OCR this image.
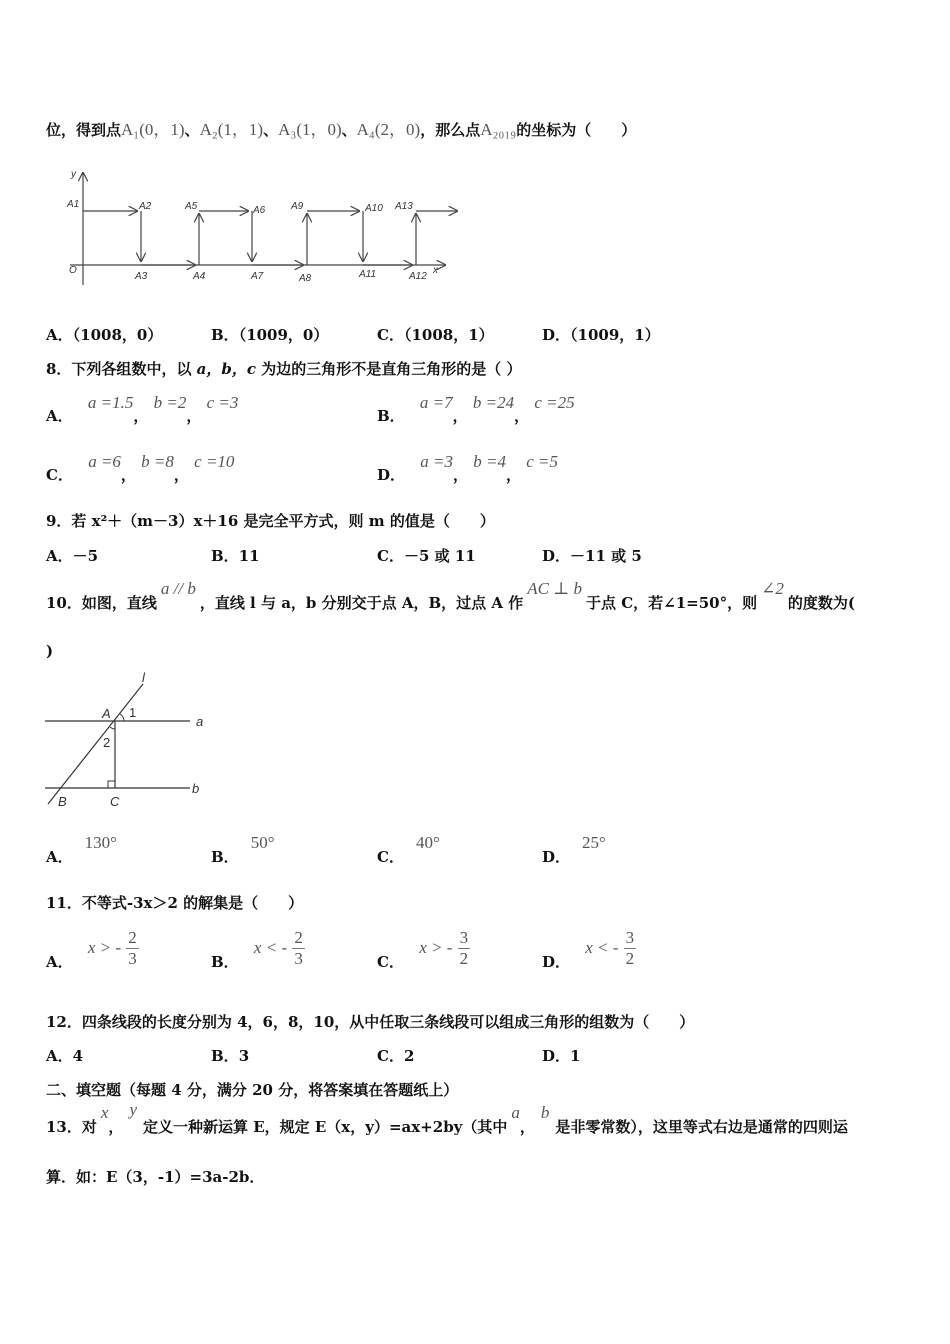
位，得到点A₁(0，1)、A₂(1，1)、A₃(1，0)、A₄(2，0)，那么点A₂₀₁₉的坐标为（　　）
y
A1	A2	A5	A6	A9	A10 A13
O
A3	A4	A7	A8	A11	A12
x
A．（1008，0）	B．（1009，0）	C．（1008，1）	D．（1009，1）
8．下列各组数中，以 a，b，c 为边的三角形不是直角三角形的是（ ）
A． a =1.5， b =2， c =3
B． a =7， b =24， c =25
C． a =6， b =8， c =10
D． a =3， b =4， c =5
9．若 x²＋（m－3）x＋16 是完全平方式，则 m 的值是（　　）
A．－5	B．11	C．－5 或 11	D．－11 或 5
10．如图，直线a // b，直线 l 与 a，b 分别交于点 A，B，过点 A 作AC ⊥ b于点 C，若∠1=50°，则∠2的度数为(
)
l
A 1
a
2
B	C
b
A．130°
B．50°
C．40°
D．25°
11．不等式-3x＞2 的解集是（　　）
A． x > - $\frac{2}{3}$	B． x < - $\frac{2}{3}$	C． x > - $\frac{3}{2}$	D． x < - $\frac{3}{2}$
12．四条线段的长度分别为 4，6，8，10，从中任取三条线段可以组成三角形的组数为（　　）
A．4	B．3	C．2	D．1
二、填空题（每题 4 分，满分 20 分，将答案填在答题纸上）
13．对x，y定义一种新运算 E，规定 E（x，y）=ax+2by（其中a，b是非零常数），这里等式右边是通常的四则运
算．如：E（3，-1）=3a-2b．
